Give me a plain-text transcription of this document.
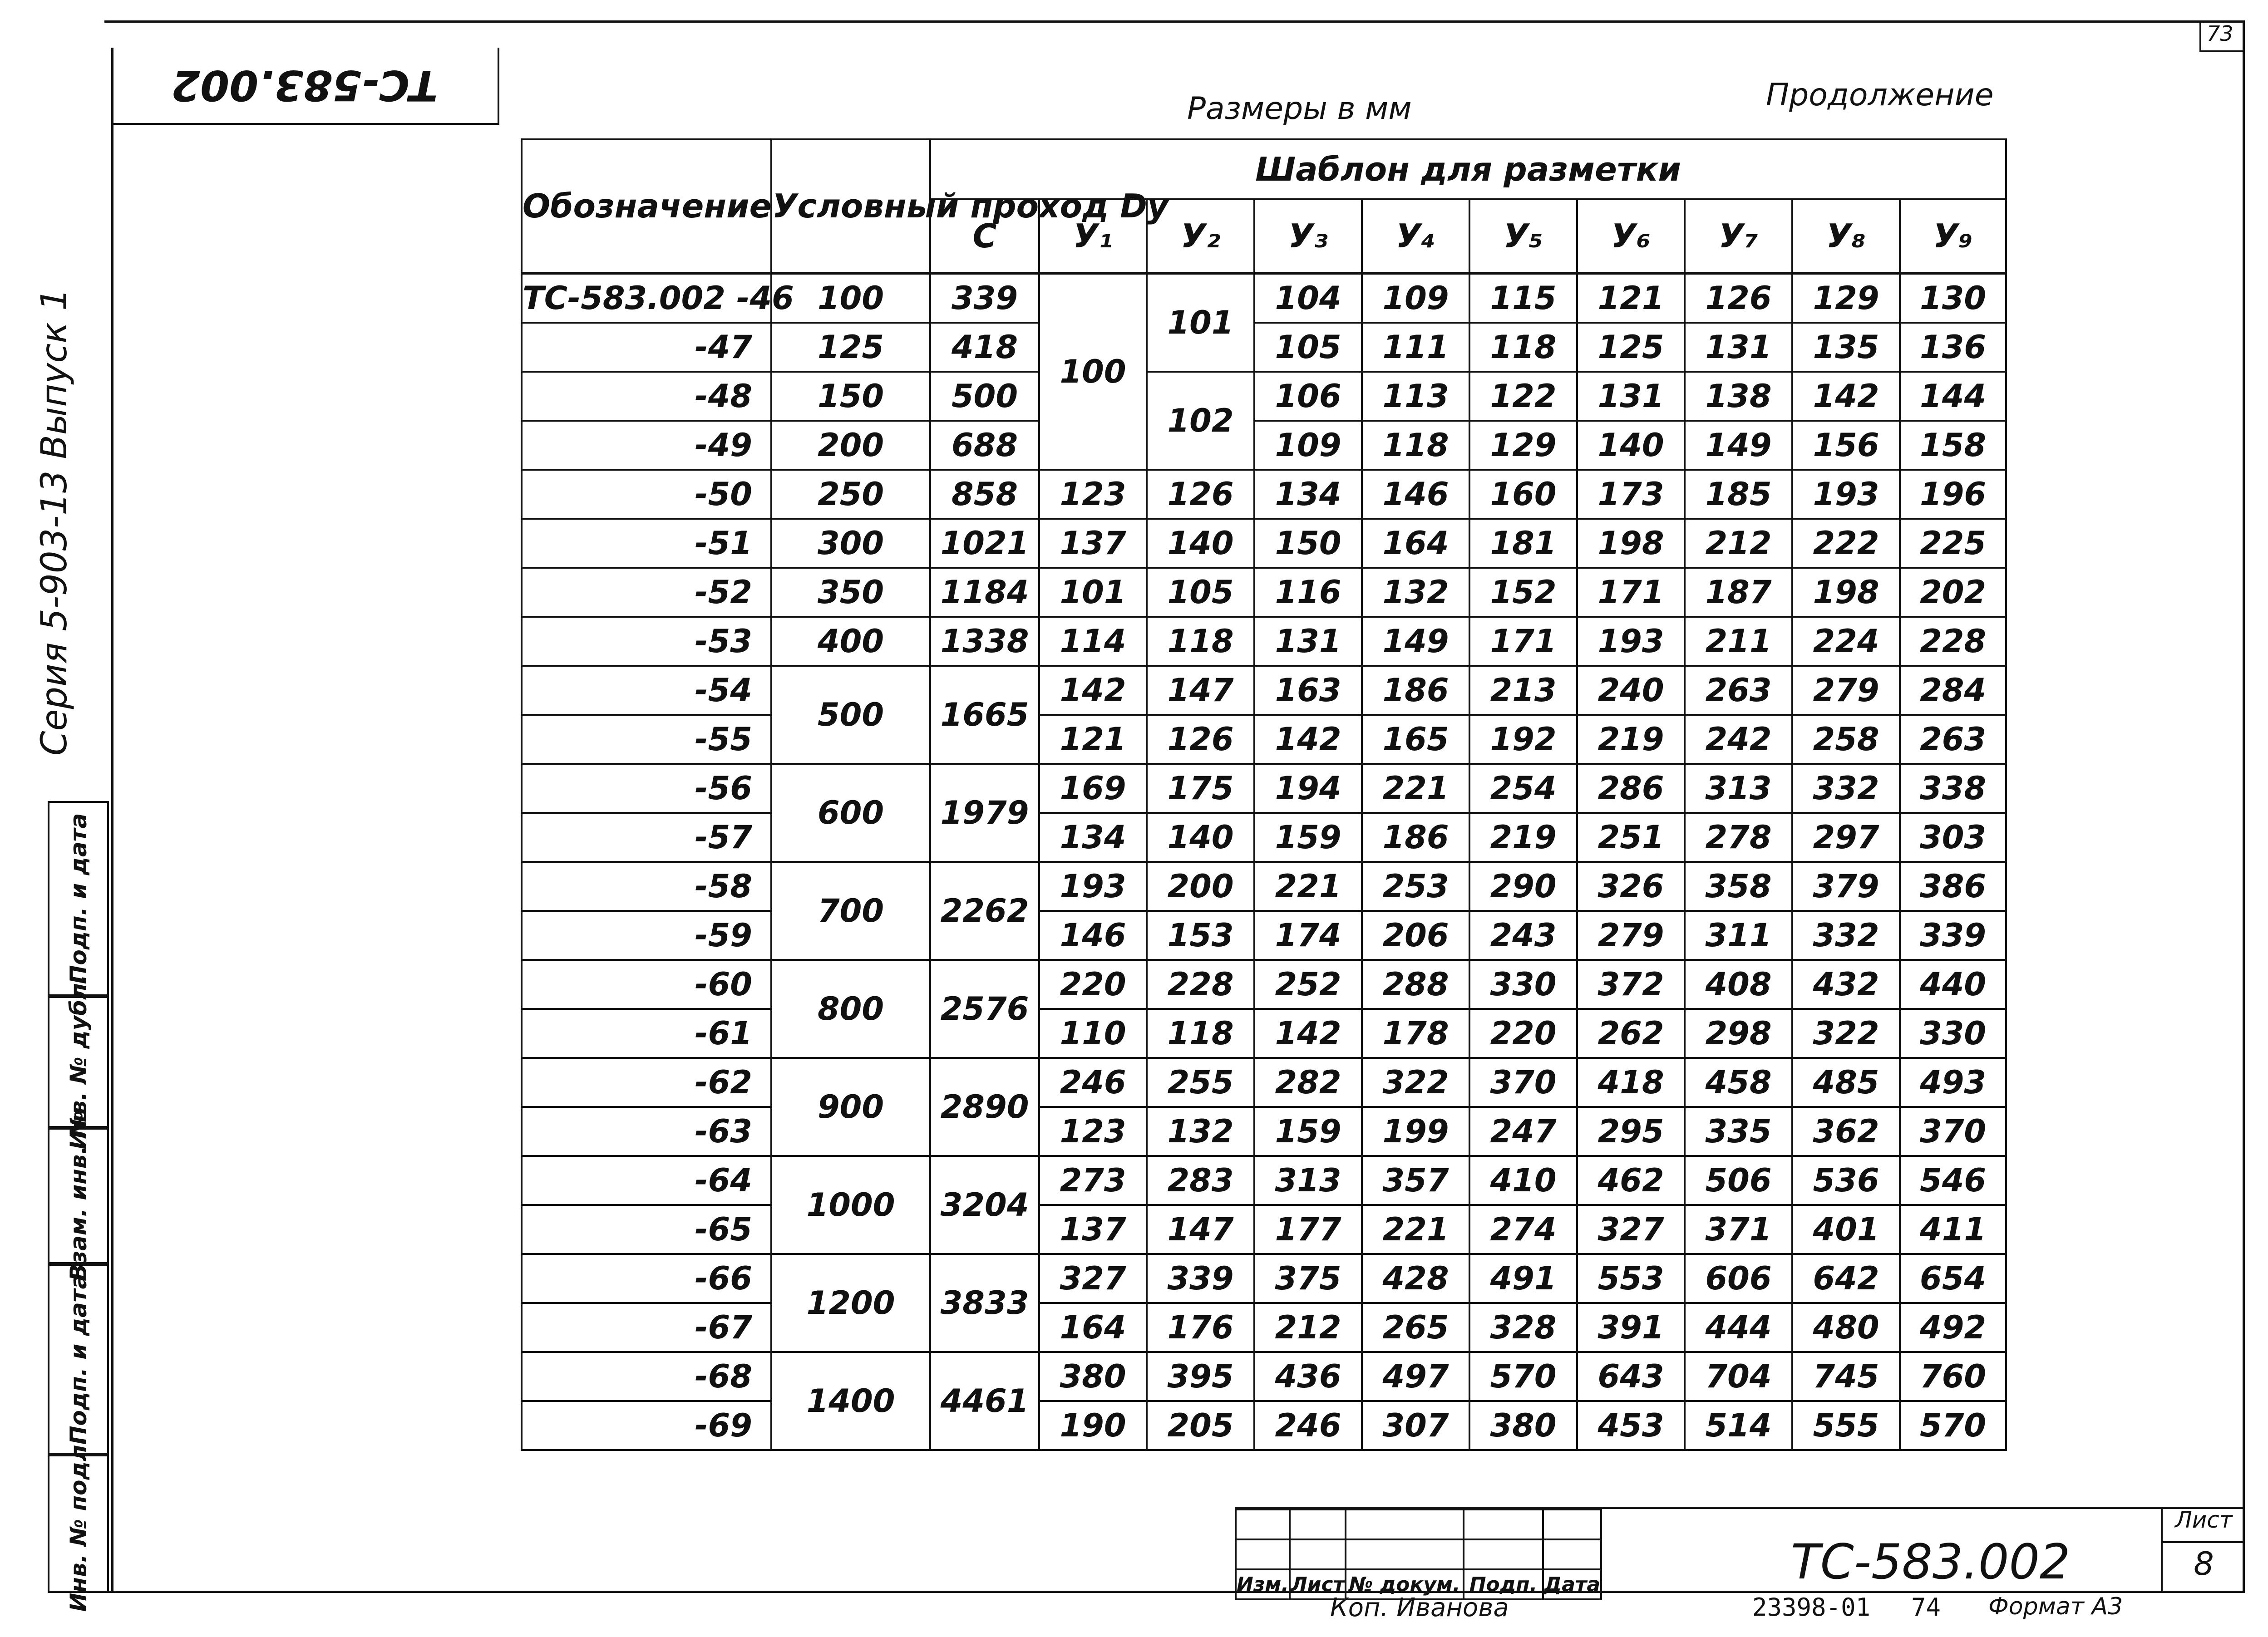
73
ТС-583.002
Серия 5-903-13 Выпуск 1
Размеры в мм	Продолжение
Обозначение	Условный проход Dу	Шаблон для разметки									
		С	У₁	У₂	У₃	У₄	У₅	У₆	У₇	У₈	У₉
ТС-583.002 -46	100	339	100	101	104	109	115	121	126	129	130
-47	125	418			105	111	118	125	131	135	136
-48	150	500		102	106	113	122	131	138	142	144
-49	200	688			109	118	129	140	149	156	158
-50	250	858	123	126	134	146	160	173	185	193	196
-51	300	1021	137	140	150	164	181	198	212	222	225
-52	350	1184	101	105	116	132	152	171	187	198	202
-53	400	1338	114	118	131	149	171	193	211	224	228
-54	500	1665	142	147	163	186	213	240	263	279	284
-55			121	126	142	165	192	219	242	258	263
-56	600	1979	169	175	194	221	254	286	313	332	338
-57			134	140	159	186	219	251	278	297	303
-58	700	2262	193	200	221	253	290	326	358	379	386
-59			146	153	174	206	243	279	311	332	339
-60	800	2576	220	228	252	288	330	372	408	432	440
-61			110	118	142	178	220	262	298	322	330
-62	900	2890	246	255	282	322	370	418	458	485	493
-63			123	132	159	199	247	295	335	362	370
-64	1000	3204	273	283	313	357	410	462	506	536	546
-65			137	147	177	221	274	327	371	401	411
-66	1200	3833	327	339	375	428	491	553	606	642	654
-67			164	176	212	265	328	391	444	480	492
-68	1400	4461	380	395	436	497	570	643	704	745	760
-69			190	205	246	307	380	453	514	555	570
Подп. и дата
Инв. № дубл.
Взам. инв. №
Подп. и дата
Инв. № подл.

					Изм.	Лист	№ докум.	Подп.	Дата	ТС-583.002
Лист
8
Коп. Иванова	23398-01 74 Формат А3
